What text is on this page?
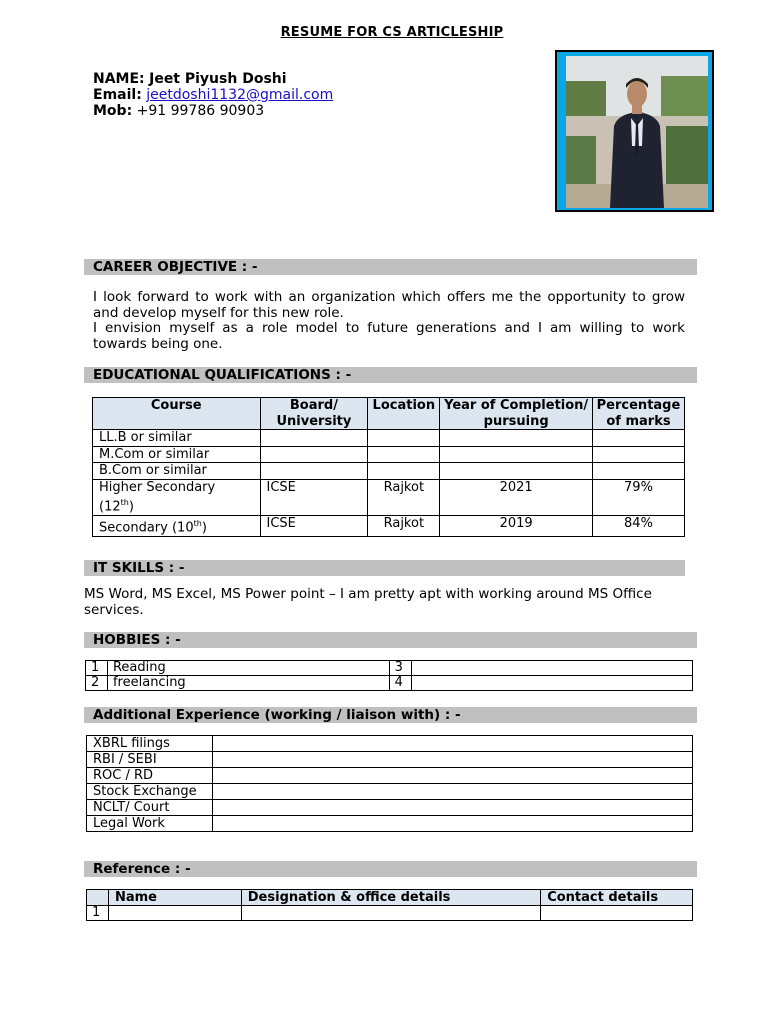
RESUME FOR CS ARTICLESHIP
NAME: Jeet Piyush Doshi
Email: jeetdoshi1132@gmail.com
Mob: +91 99786 90903
CAREER OBJECTIVE : -
I look forward to work with an organization which offers me the opportunity to grow and develop myself for this new role.
I envision myself as a role model to future generations and I am willing to work towards being one.
EDUCATIONAL QUALIFICATIONS : -
Course	Board/ University	Location	Year of Completion/ pursuing	Percentage of marks
LL.B or similar				
M.Com or similar				
B.Com or similar				
Higher Secondary (12th)	ICSE	Rajkot	2021	79%
Secondary (10th)	ICSE	Rajkot	2019	84%
IT SKILLS : -
MS Word, MS Excel, MS Power point – I am pretty apt with working around MS Office services.
HOBBIES : -
1	Reading	3	
2	freelancing	4	
Additional Experience (working / liaison with) : -
XBRL filings	
RBI / SEBI	
ROC / RD	
Stock Exchange	
NCLT/ Court	
Legal Work	
Reference : -
	Name	Designation & office details	Contact details
1			
